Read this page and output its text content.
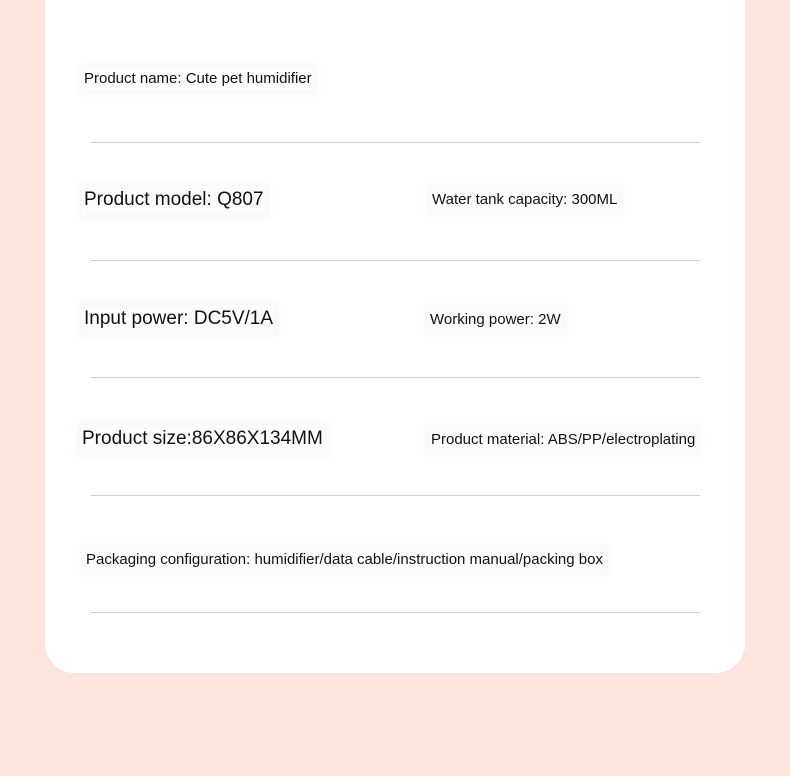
Product name: Cute pet humidifier
Product model: Q807	Water tank capacity: 300ML
Input power: DC5V/1A	Working power: 2W
Product size:86X86X134MM	Product material: ABS/PP/electroplating
Packaging configuration: humidifier/data cable/instruction manual/packing box
